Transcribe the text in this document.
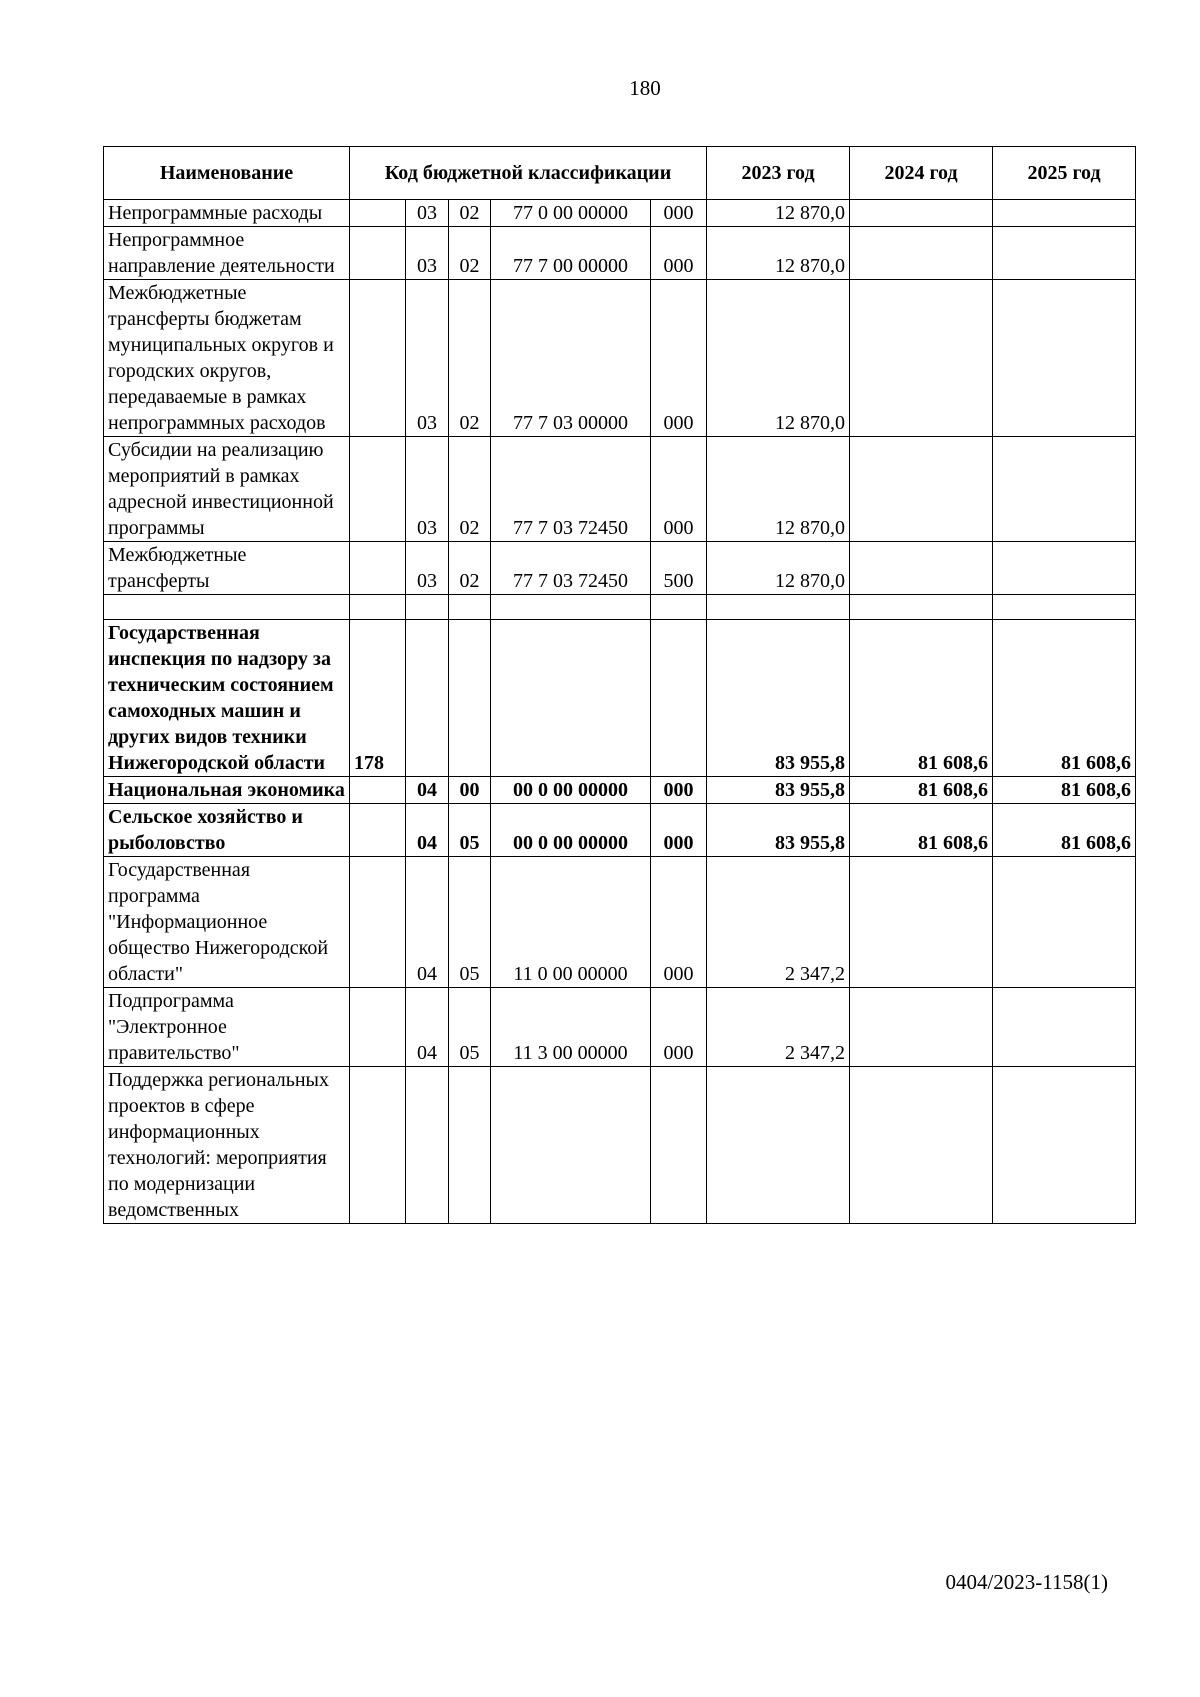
180
Наименование	Код бюджетной классификации					2023 год	2024 год	2025 год
Непрограммные расходы		03	02	77 0 00 00000	000	12 870,0		
Непрограммное направление деятельности		03	02	77 7 00 00000	000	12 870,0		
Межбюджетные трансферты бюджетам муниципальных округов и городских округов, передаваемые в рамках непрограммных расходов		03	02	77 7 03 00000	000	12 870,0		
Субсидии на реализацию мероприятий в рамках адресной инвестиционной программы		03	02	77 7 03 72450	000	12 870,0		
Межбюджетные трансферты		03	02	77 7 03 72450	500	12 870,0		

Государственная инспекция по надзору за техническим состоянием самоходных машин и других видов техники Нижегородской области	178					83 955,8	81 608,6	81 608,6
Национальная экономика		04	00	00 0 00 00000	000	83 955,8	81 608,6	81 608,6
Сельское хозяйство и рыболовство		04	05	00 0 00 00000	000	83 955,8	81 608,6	81 608,6
Государственная программа "Информационное общество Нижегородской области"		04	05	11 0 00 00000	000	2 347,2		
Подпрограмма "Электронное правительство"		04	05	11 3 00 00000	000	2 347,2		
Поддержка региональных проектов в сфере информационных технологий: мероприятия по модернизации ведомственных								
0404/2023-1158(1)
